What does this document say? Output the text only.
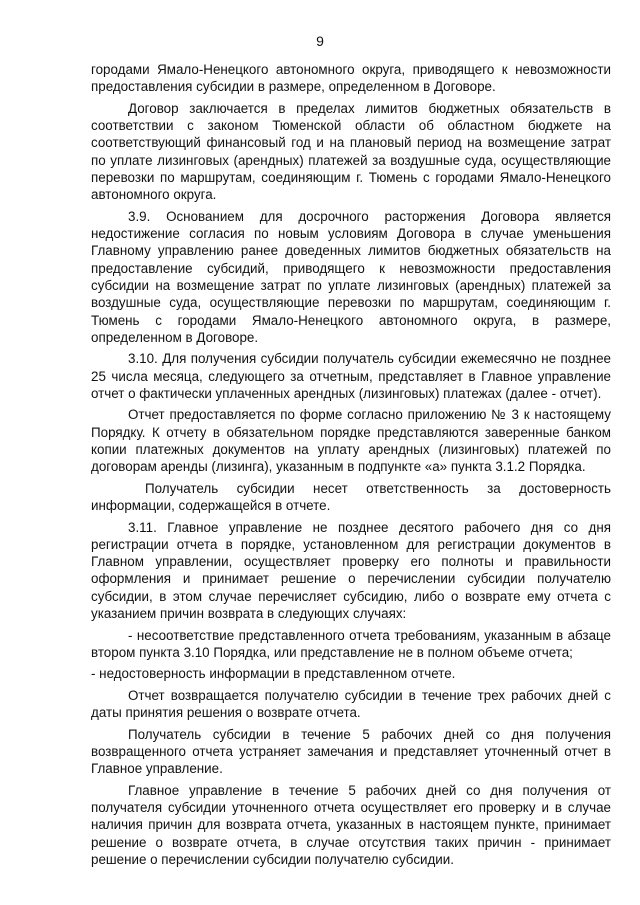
9

городами Ямало-Ненецкого автономного округа, приводящего к невозможности предоставления субсидии в размере, определенном в Договоре.

Договор заключается в пределах лимитов бюджетных обязательств в соответствии с законом Тюменской области об областном бюджете на соответствующий финансовый год и на плановый период на возмещение затрат по уплате лизинговых (арендных) платежей за воздушные суда, осуществляющие перевозки по маршрутам, соединяющим г. Тюмень с городами Ямало-Ненецкого автономного округа.

3.9. Основанием для досрочного расторжения Договора является недостижение согласия по новым условиям Договора в случае уменьшения Главному управлению ранее доведенных лимитов бюджетных обязательств на предоставление субсидий, приводящего к невозможности предоставления субсидии на возмещение затрат по уплате лизинговых (арендных) платежей за воздушные суда, осуществляющие перевозки по маршрутам, соединяющим г. Тюмень с городами Ямало-Ненецкого автономного округа, в размере, определенном в Договоре.

3.10. Для получения субсидии получатель субсидии ежемесячно не позднее 25 числа месяца, следующего за отчетным, представляет в Главное управление отчет о фактически уплаченных арендных (лизинговых) платежах (далее - отчет).

Отчет предоставляется по форме согласно приложению № 3 к настоящему Порядку. К отчету в обязательном порядке представляются заверенные банком копии платежных документов на уплату арендных (лизинговых) платежей по договорам аренды (лизинга), указанным в подпункте «а» пункта 3.1.2 Порядка.

Получатель субсидии несет ответственность за достоверность информации, содержащейся в отчете.

3.11. Главное управление не позднее десятого рабочего дня со дня регистрации отчета в порядке, установленном для регистрации документов в Главном управлении, осуществляет проверку его полноты и правильности оформления и принимает решение о перечислении субсидии получателю субсидии, в этом случае перечисляет субсидию, либо о возврате ему отчета с указанием причин возврата в следующих случаях:

- несоответствие представленного отчета требованиям, указанным в абзаце втором пункта 3.10 Порядка, или представление не в полном объеме отчета;

- недостоверность информации в представленном отчете.

Отчет возвращается получателю субсидии в течение трех рабочих дней с даты принятия решения о возврате отчета.

Получатель субсидии в течение 5 рабочих дней со дня получения возвращенного отчета устраняет замечания и представляет уточненный отчет в Главное управление.

Главное управление в течение 5 рабочих дней со дня получения от получателя субсидии уточненного отчета осуществляет его проверку и в случае наличия причин для возврата отчета, указанных в настоящем пункте, принимает решение о возврате отчета, в случае отсутствия таких причин - принимает решение о перечислении субсидии получателю субсидии.
